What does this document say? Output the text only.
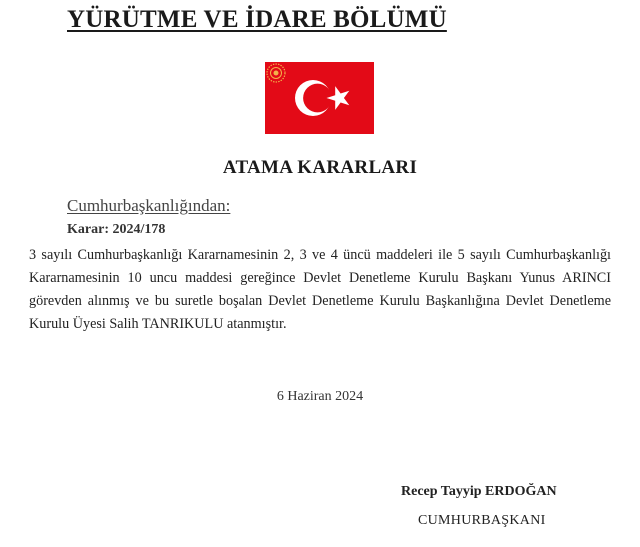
YÜRÜTME VE İDARE BÖLÜMÜ
ATAMA KARARLARI
Cumhurbaşkanlığından:
Karar: 2024/178
3 sayılı Cumhurbaşkanlığı Kararnamesinin 2, 3 ve 4 üncü maddeleri ile 5 sayılı Cumhurbaşkanlığı Kararnamesinin 10 uncu maddesi gereğince Devlet Denetleme Kurulu Başkanı Yunus ARINCI görevden alınmış ve bu suretle boşalan Devlet Denetleme Kurulu Başkanlığına Devlet Denetleme Kurulu Üyesi Salih TANRIKULU atanmıştır.
6 Haziran 2024
Recep Tayyip ERDOĞAN
CUMHURBAŞKANI
